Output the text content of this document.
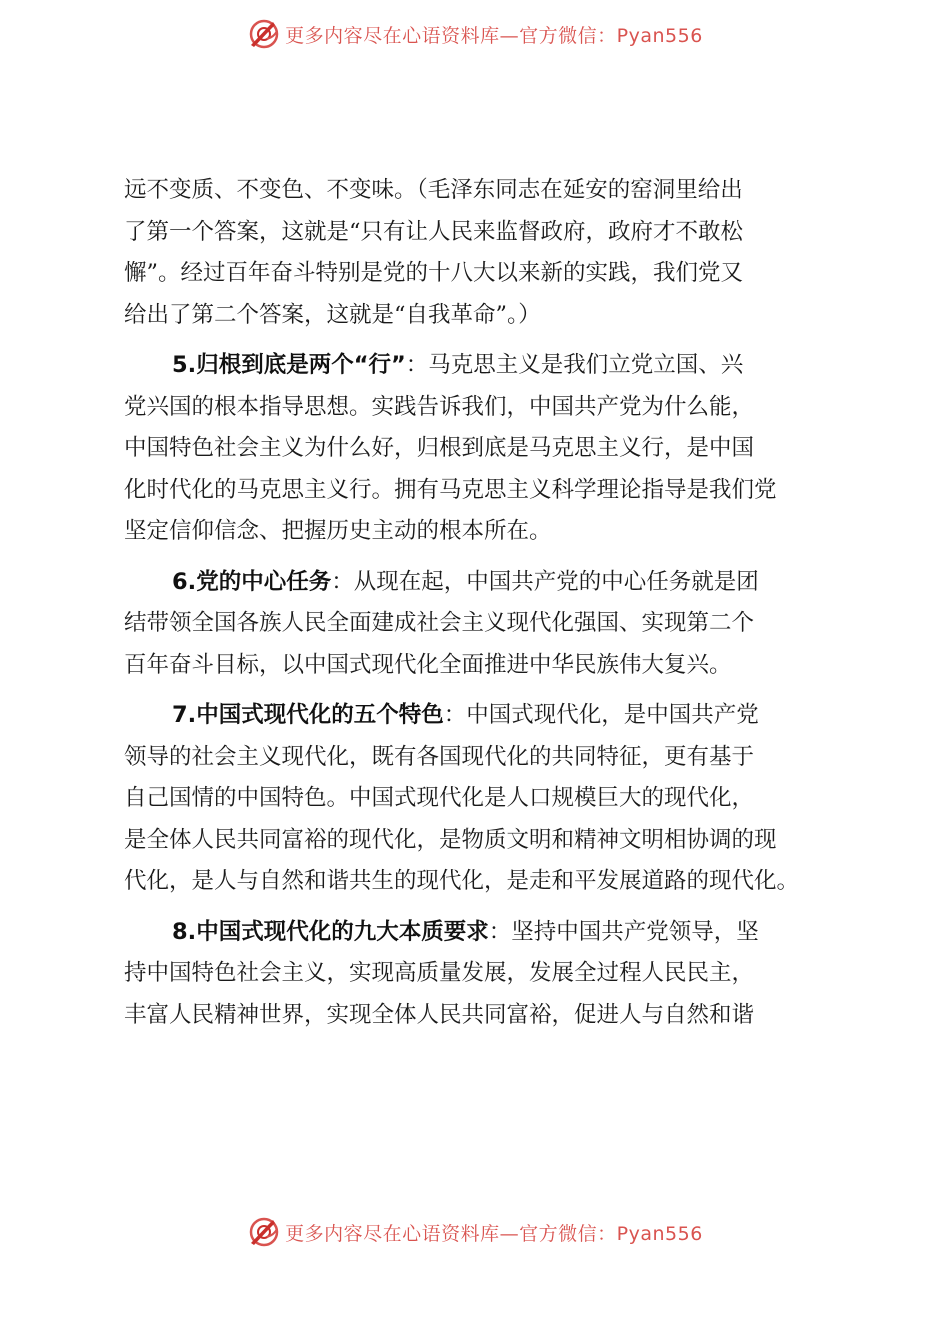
更多内容尽在心语资料库—官方微信：Pyan556

远不变质、不变色、不变味。（毛泽东同志在延安的窑洞里给出
了第一个答案，这就是“只有让人民来监督政府，政府才不敢松
懈”。经过百年奋斗特别是党的十八大以来新的实践，我们党又
给出了第二个答案，这就是“自我革命”。）

5.归根到底是两个“行”：马克思主义是我们立党立国、兴
党兴国的根本指导思想。实践告诉我们，中国共产党为什么能，
中国特色社会主义为什么好，归根到底是马克思主义行，是中国
化时代化的马克思主义行。拥有马克思主义科学理论指导是我们党
坚定信仰信念、把握历史主动的根本所在。

6.党的中心任务：从现在起，中国共产党的中心任务就是团
结带领全国各族人民全面建成社会主义现代化强国、实现第二个
百年奋斗目标，以中国式现代化全面推进中华民族伟大复兴。

7.中国式现代化的五个特色：中国式现代化，是中国共产党
领导的社会主义现代化，既有各国现代化的共同特征，更有基于
自己国情的中国特色。中国式现代化是人口规模巨大的现代化，
是全体人民共同富裕的现代化，是物质文明和精神文明相协调的现
代化，是人与自然和谐共生的现代化，是走和平发展道路的现代化。

8.中国式现代化的九大本质要求：坚持中国共产党领导，坚
持中国特色社会主义，实现高质量发展，发展全过程人民民主，
丰富人民精神世界，实现全体人民共同富裕，促进人与自然和谐

更多内容尽在心语资料库—官方微信：Pyan556
